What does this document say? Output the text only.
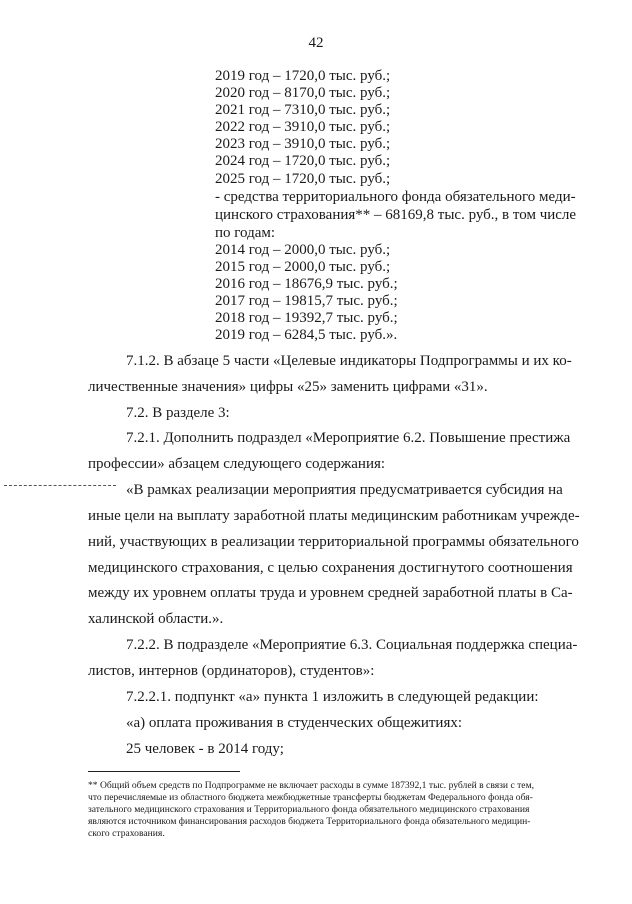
42
2019 год – 1720,0 тыс. руб.;
2020 год – 8170,0 тыс. руб.;
2021 год – 7310,0 тыс. руб.;
2022 год – 3910,0 тыс. руб.;
2023 год – 3910,0 тыс. руб.;
2024 год – 1720,0 тыс. руб.;
2025 год – 1720,0 тыс. руб.;
- средства территориального фонда обязательного меди-
цинского страхования** – 68169,8 тыс. руб., в том числе
по годам:
2014 год – 2000,0 тыс. руб.;
2015 год – 2000,0 тыс. руб.;
2016 год – 18676,9 тыс. руб.;
2017 год – 19815,7 тыс. руб.;
2018 год – 19392,7 тыс. руб.;
2019 год – 6284,5 тыс. руб.».
7.1.2. В абзаце 5 части «Целевые индикаторы Подпрограммы и их ко-
личественные значения» цифры «25» заменить цифрами «31».
7.2. В разделе 3:
7.2.1. Дополнить подраздел «Мероприятие 6.2. Повышение престижа
профессии» абзацем следующего содержания:
«В рамках реализации мероприятия предусматривается субсидия на
иные цели на выплату заработной платы медицинским работникам учрежде-
ний, участвующих в реализации территориальной программы обязательного
медицинского страхования, с целью сохранения достигнутого соотношения
между их уровнем оплаты труда и уровнем средней заработной платы в Са-
халинской области.».
7.2.2. В подразделе «Мероприятие 6.3. Социальная поддержка специа-
листов, интернов (ординаторов), студентов»:
7.2.2.1. подпункт «а» пункта 1 изложить в следующей редакции:
«а) оплата проживания в студенческих общежитиях:
25 человек - в 2014 году;
** Общий объем средств по Подпрограмме не включает расходы в сумме 187392,1 тыс. рублей в связи с тем,
что перечисляемые из областного бюджета межбюджетные трансферты бюджетам Федерального фонда обя-
зательного медицинского страхования и Территориального фонда обязательного медицинского страхования
являются источником финансирования расходов бюджета Территориального фонда обязательного медицин-
ского страхования.
